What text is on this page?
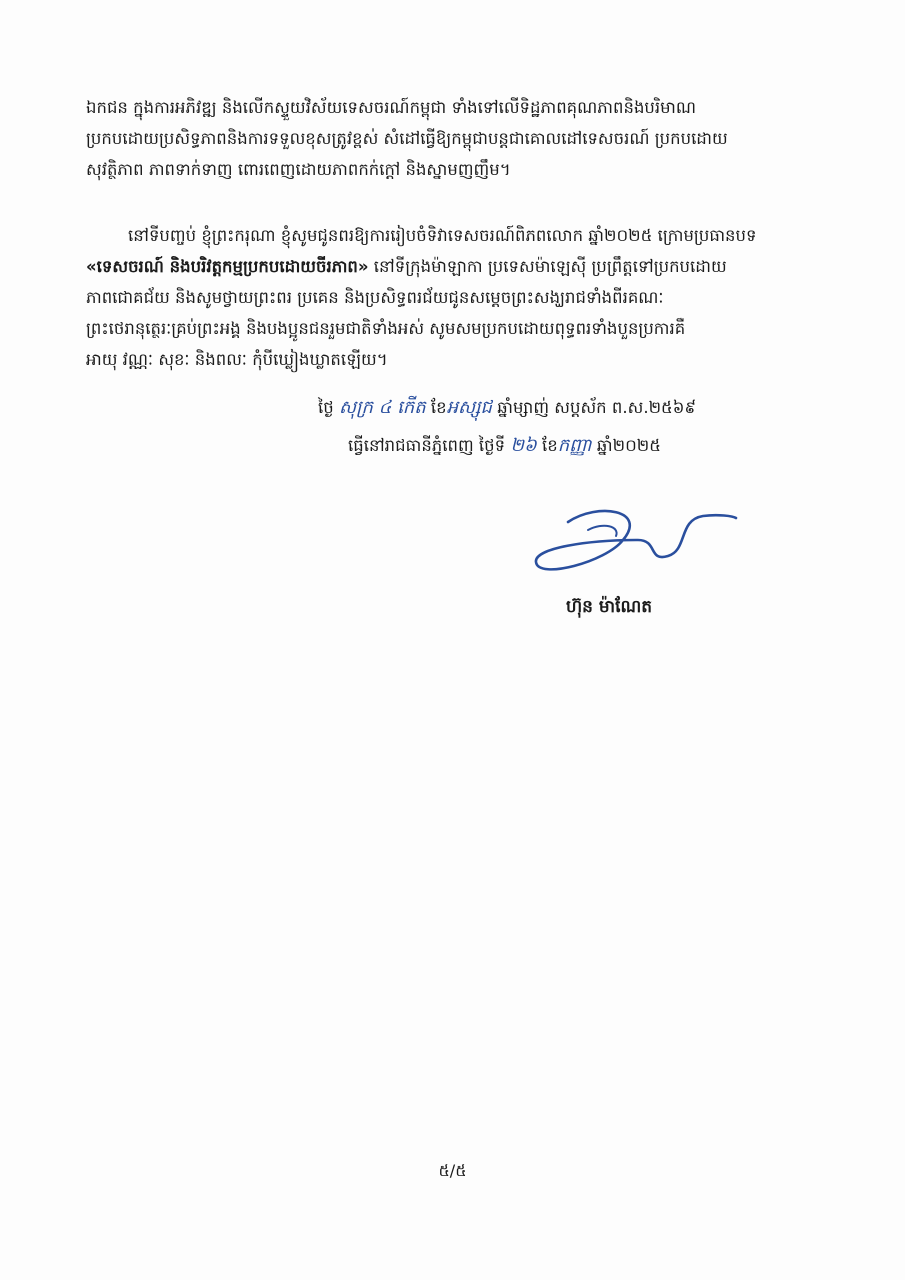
ឯកជន ក្នុងការអភិវឌ្ឍ និងលើកស្ទួយវិស័យទេសចរណ៍កម្ពុជា ទាំងទៅលើទិដ្ឋភាពគុណភាពនិងបរិមាណ
ប្រកបដោយប្រសិទ្ធភាពនិងការទទួលខុសត្រូវខ្ពស់ សំដៅធ្វើឱ្យកម្ពុជាបន្តជាគោលដៅទេសចរណ៍ ប្រកបដោយ
សុវត្ថិភាព ភាពទាក់ទាញ ពោរពេញដោយភាពកក់ក្ដៅ និងស្នាមញញឹម។
នៅទីបញ្ចប់ ខ្ញុំព្រះករុណា ខ្ញុំសូមជូនពរឱ្យការរៀបចំទិវាទេសចរណ៍ពិភពលោក ឆ្នាំ២០២៥ ក្រោមប្រធានបទ
«ទេសចរណ៍ និងបរិវត្តកម្មប្រកបដោយចីរភាព» នៅទីក្រុងម៉ាឡាកា ប្រទេសម៉ាឡេស៊ី ប្រព្រឹត្តទៅប្រកបដោយ
ភាពជោគជ័យ និងសូមថ្វាយព្រះពរ ប្រគេន និងប្រសិទ្ធពរជ័យជូនសម្ដេចព្រះសង្ឃរាជទាំងពីរគណៈ
ព្រះថេរានុត្ថេរៈគ្រប់ព្រះអង្គ និងបងប្អូនជនរួមជាតិទាំងអស់ សូមសមប្រកបដោយពុទ្ធពរទាំងបួនប្រការគឺ
អាយុ វណ្ណៈ សុខៈ និងពលៈ កុំបីឃ្លៀងឃ្លាតឡើយ។
ថ្ងៃ សុក្រ ៤ កើត ខែអស្សុជ ឆ្នាំម្សាញ់ សប្តស័ក ព.ស.២៥៦៩
ធ្វើនៅរាជធានីភ្នំពេញ ថ្ងៃទី ២៦ ខែកញ្ញា ឆ្នាំ២០២៥
ហ៊ុន ម៉ាណែត
៥/៥
